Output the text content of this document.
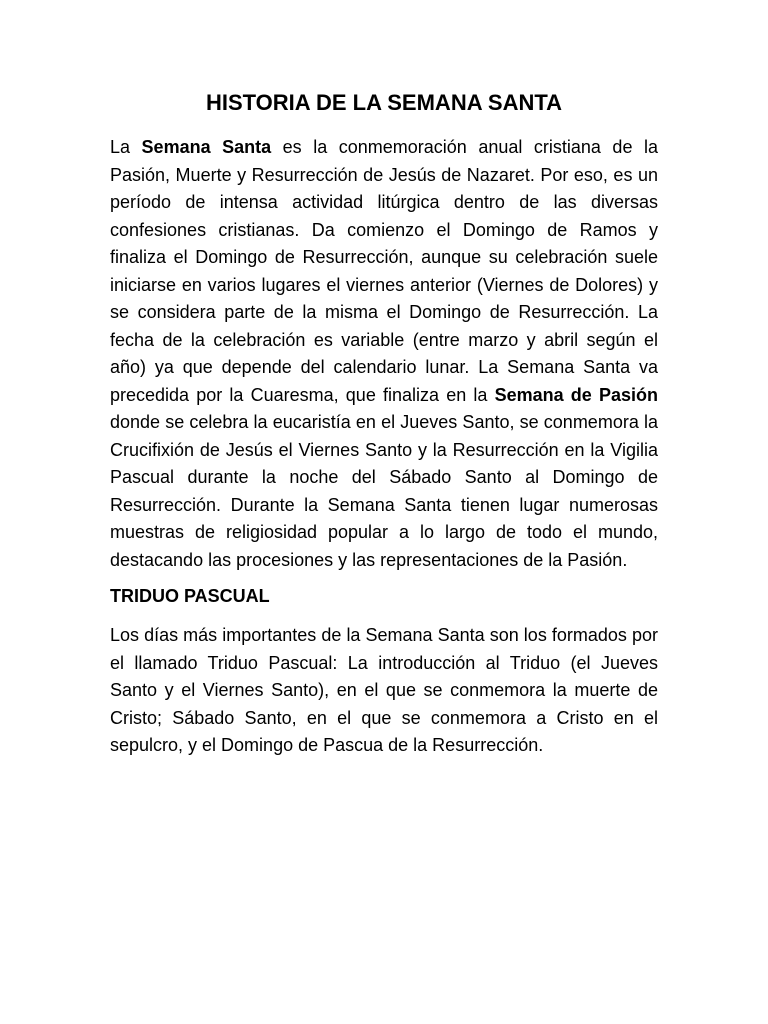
HISTORIA DE LA SEMANA SANTA

La Semana Santa es la conmemoración anual cristiana de la Pasión, Muerte y Resurrección de Jesús de Nazaret. Por eso, es un período de intensa actividad litúrgica dentro de las diversas confesiones cristianas. Da comienzo el Domingo de Ramos y finaliza el Domingo de Resurrección, aunque su celebración suele iniciarse en varios lugares el viernes anterior (Viernes de Dolores) y se considera parte de la misma el Domingo de Resurrección. La fecha de la celebración es variable (entre marzo y abril según el año) ya que depende del calendario lunar. La Semana Santa va precedida por la Cuaresma, que finaliza en la Semana de Pasión donde se celebra la eucaristía en el Jueves Santo, se conmemora la Crucifixión de Jesús el Viernes Santo y la Resurrección en la Vigilia Pascual durante la noche del Sábado Santo al Domingo de Resurrección. Durante la Semana Santa tienen lugar numerosas muestras de religiosidad popular a lo largo de todo el mundo, destacando las procesiones y las representaciones de la Pasión.

TRIDUO PASCUAL

Los días más importantes de la Semana Santa son los formados por el llamado Triduo Pascual: La introducción al Triduo (el Jueves Santo y el Viernes Santo), en el que se conmemora la muerte de Cristo; Sábado Santo, en el que se conmemora a Cristo en el sepulcro, y el Domingo de Pascua de la Resurrección.
